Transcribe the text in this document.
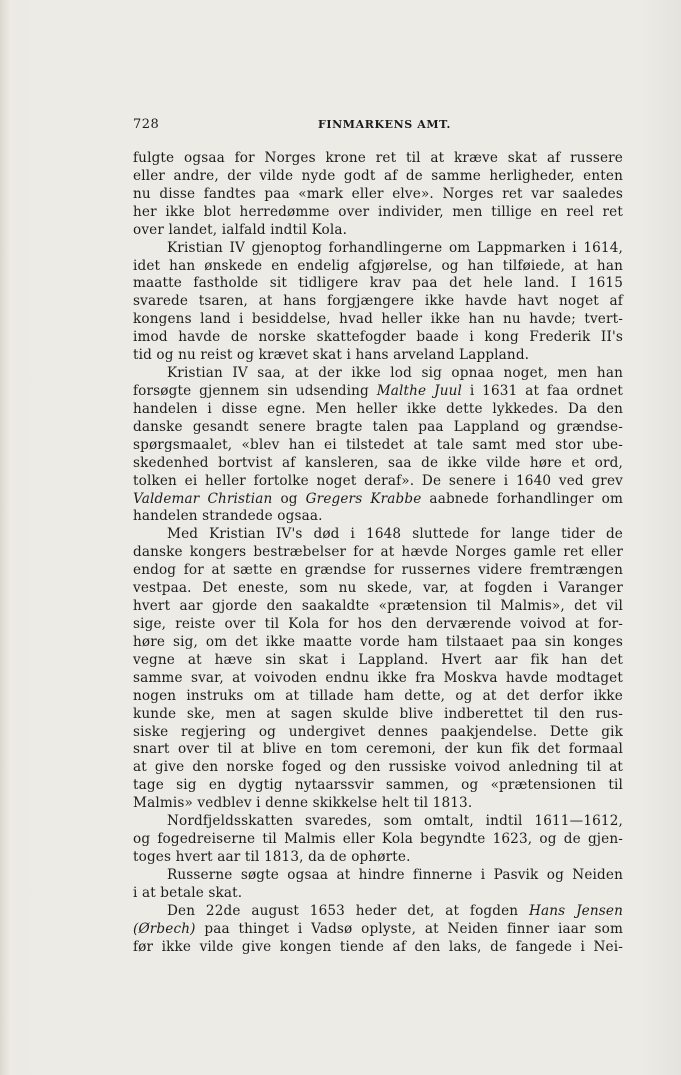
728	FINMARKENS AMT.
fulgte ogsaa for Norges krone ret til at kræve skat af russere
eller andre, der vilde nyde godt af de samme herligheder, enten
nu disse fandtes paa «mark eller elve». Norges ret var saaledes
her ikke blot herredømme over individer, men tillige en reel ret
over landet, ialfald indtil Kola.
Kristian IV gjenoptog forhandlingerne om Lappmarken i 1614,
idet han ønskede en endelig afgjørelse, og han tilføiede, at han
maatte fastholde sit tidligere krav paa det hele land. I 1615
svarede tsaren, at hans forgjængere ikke havde havt noget af
kongens land i besiddelse, hvad heller ikke han nu havde; tvert-
imod havde de norske skattefogder baade i kong Frederik II's
tid og nu reist og krævet skat i hans arveland Lappland.
Kristian IV saa, at der ikke lod sig opnaa noget, men han
forsøgte gjennem sin udsending Malthe Juul i 1631 at faa ordnet
handelen i disse egne. Men heller ikke dette lykkedes. Da den
danske gesandt senere bragte talen paa Lappland og grændse-
spørgsmaalet, «blev han ei tilstedet at tale samt med stor ube-
skedenhed bortvist af kansleren, saa de ikke vilde høre et ord,
tolken ei heller fortolke noget deraf». De senere i 1640 ved grev
Valdemar Christian og Gregers Krabbe aabnede forhandlinger om
handelen strandede ogsaa.
Med Kristian IV's død i 1648 sluttede for lange tider de
danske kongers bestræbelser for at hævde Norges gamle ret eller
endog for at sætte en grændse for russernes videre fremtrængen
vestpaa. Det eneste, som nu skede, var, at fogden i Varanger
hvert aar gjorde den saakaldte «prætension til Malmis», det vil
sige, reiste over til Kola for hos den derværende voivod at for-
høre sig, om det ikke maatte vorde ham tilstaaet paa sin konges
vegne at hæve sin skat i Lappland. Hvert aar fik han det
samme svar, at voivoden endnu ikke fra Moskva havde modtaget
nogen instruks om at tillade ham dette, og at det derfor ikke
kunde ske, men at sagen skulde blive indberettet til den rus-
siske regjering og undergivet dennes paakjendelse. Dette gik
snart over til at blive en tom ceremoni, der kun fik det formaal
at give den norske foged og den russiske voivod anledning til at
tage sig en dygtig nytaarssvir sammen, og «prætensionen til
Malmis» vedblev i denne skikkelse helt til 1813.
Nordfjeldsskatten svaredes, som omtalt, indtil 1611—1612,
og fogedreiserne til Malmis eller Kola begyndte 1623, og de gjen-
toges hvert aar til 1813, da de ophørte.
Russerne søgte ogsaa at hindre finnerne i Pasvik og Neiden
i at betale skat.
Den 22de august 1653 heder det, at fogden Hans Jensen
(Ørbech) paa thinget i Vadsø oplyste, at Neiden finner iaar som
før ikke vilde give kongen tiende af den laks, de fangede i Nei-
